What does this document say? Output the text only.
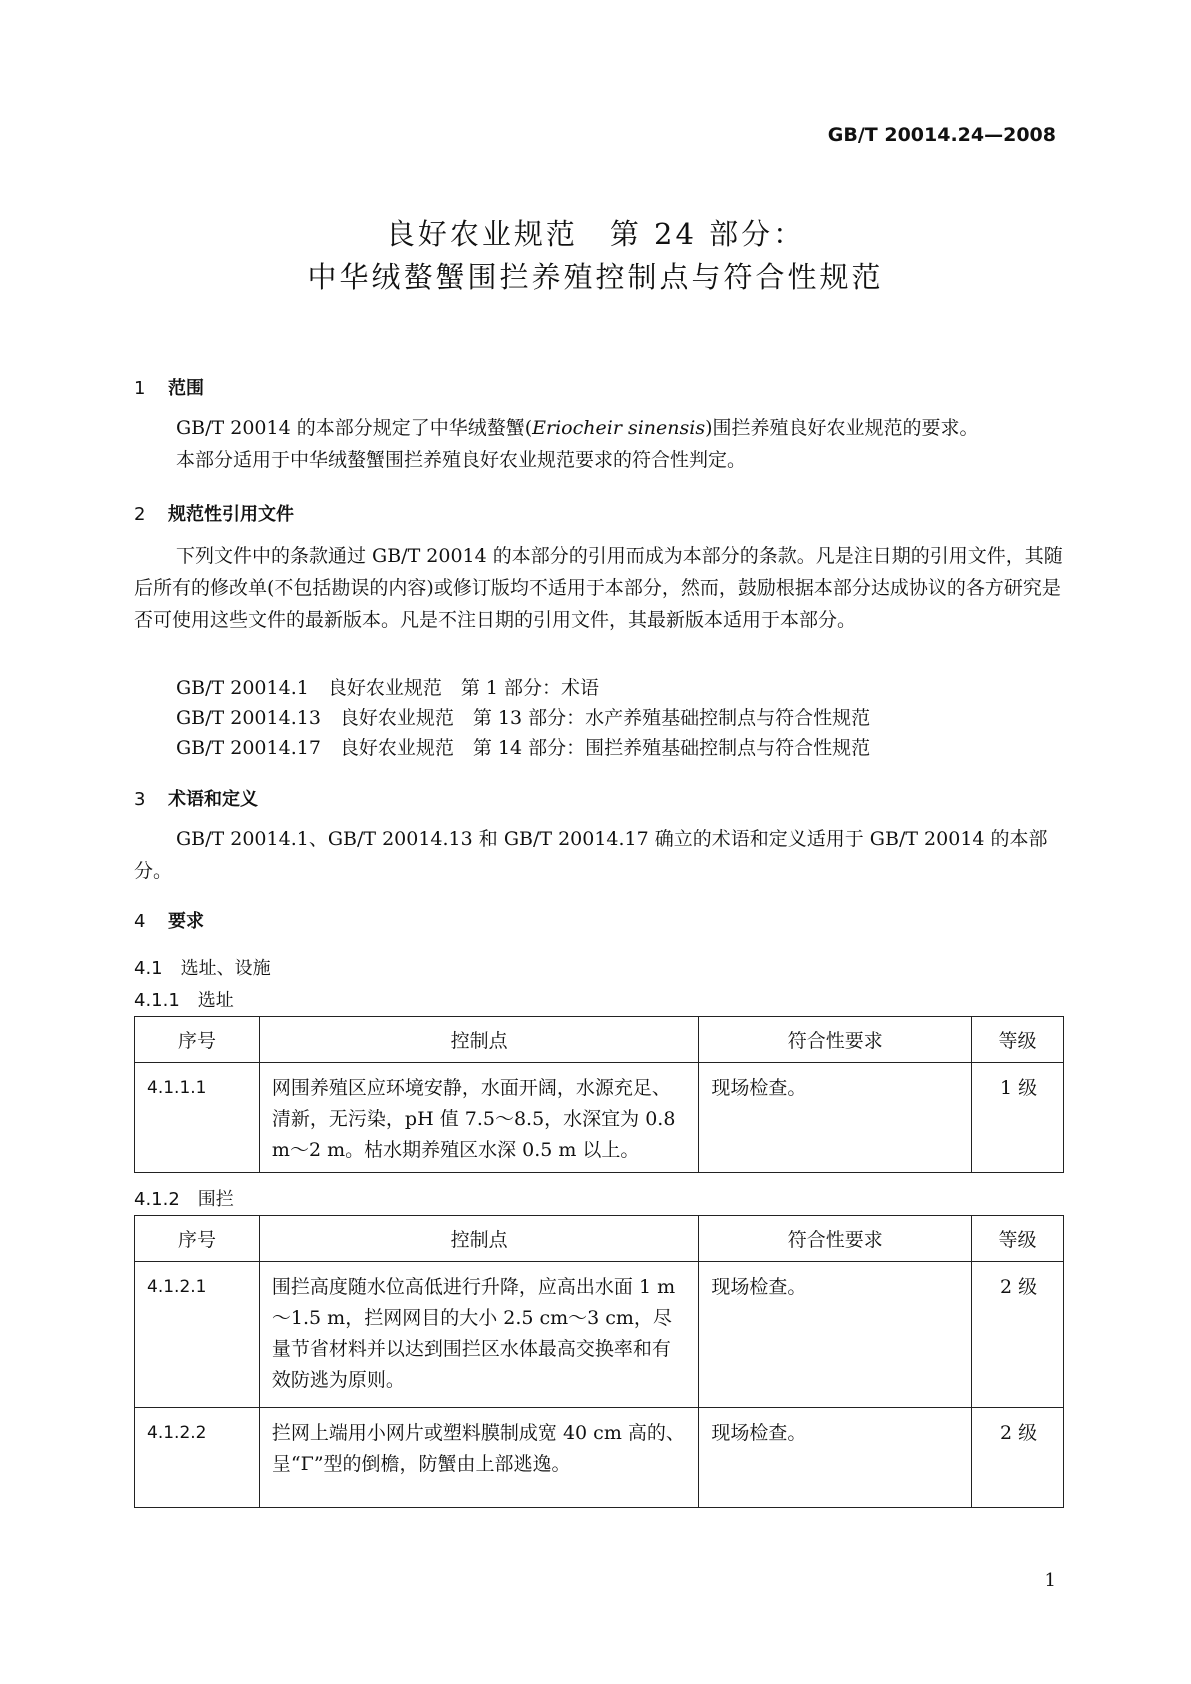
GB/T 20014.24—2008
良好农业规范　第 24 部分：
中华绒螯蟹围拦养殖控制点与符合性规范
1 范围
GB/T 20014 的本部分规定了中华绒螯蟹(Eriocheir sinensis)围拦养殖良好农业规范的要求。
本部分适用于中华绒螯蟹围拦养殖良好农业规范要求的符合性判定。
2 规范性引用文件
下列文件中的条款通过 GB/T 20014 的本部分的引用而成为本部分的条款。凡是注日期的引用文件，其随后所有的修改单(不包括勘误的内容)或修订版均不适用于本部分，然而，鼓励根据本部分达成协议的各方研究是否可使用这些文件的最新版本。凡是不注日期的引用文件，其最新版本适用于本部分。
GB/T 20014.1　良好农业规范　第 1 部分：术语
GB/T 20014.13　良好农业规范　第 13 部分：水产养殖基础控制点与符合性规范
GB/T 20014.17　良好农业规范　第 14 部分：围拦养殖基础控制点与符合性规范
3 术语和定义
GB/T 20014.1、GB/T 20014.13 和 GB/T 20014.17 确立的术语和定义适用于 GB/T 20014 的本部分。
4 要求
4.1　选址、设施
4.1.1　选址
序号	控制点	符合性要求	等级
4.1.1.1	网围养殖区应环境安静，水面开阔，水源充足、清新，无污染，pH 值 7.5～8.5，水深宜为 0.8 m～2 m。枯水期养殖区水深 0.5 m 以上。	现场检查。	1 级
4.1.2　围拦
序号	控制点	符合性要求	等级
4.1.2.1	围拦高度随水位高低进行升降，应高出水面 1 m～1.5 m，拦网网目的大小 2.5 cm～3 cm，尽量节省材料并以达到围拦区水体最高交换率和有效防逃为原则。	现场检查。	2 级
4.1.2.2	拦网上端用小网片或塑料膜制成宽 40 cm 高的、呈“Γ”型的倒檐，防蟹由上部逃逸。	现场检查。	2 级
1
